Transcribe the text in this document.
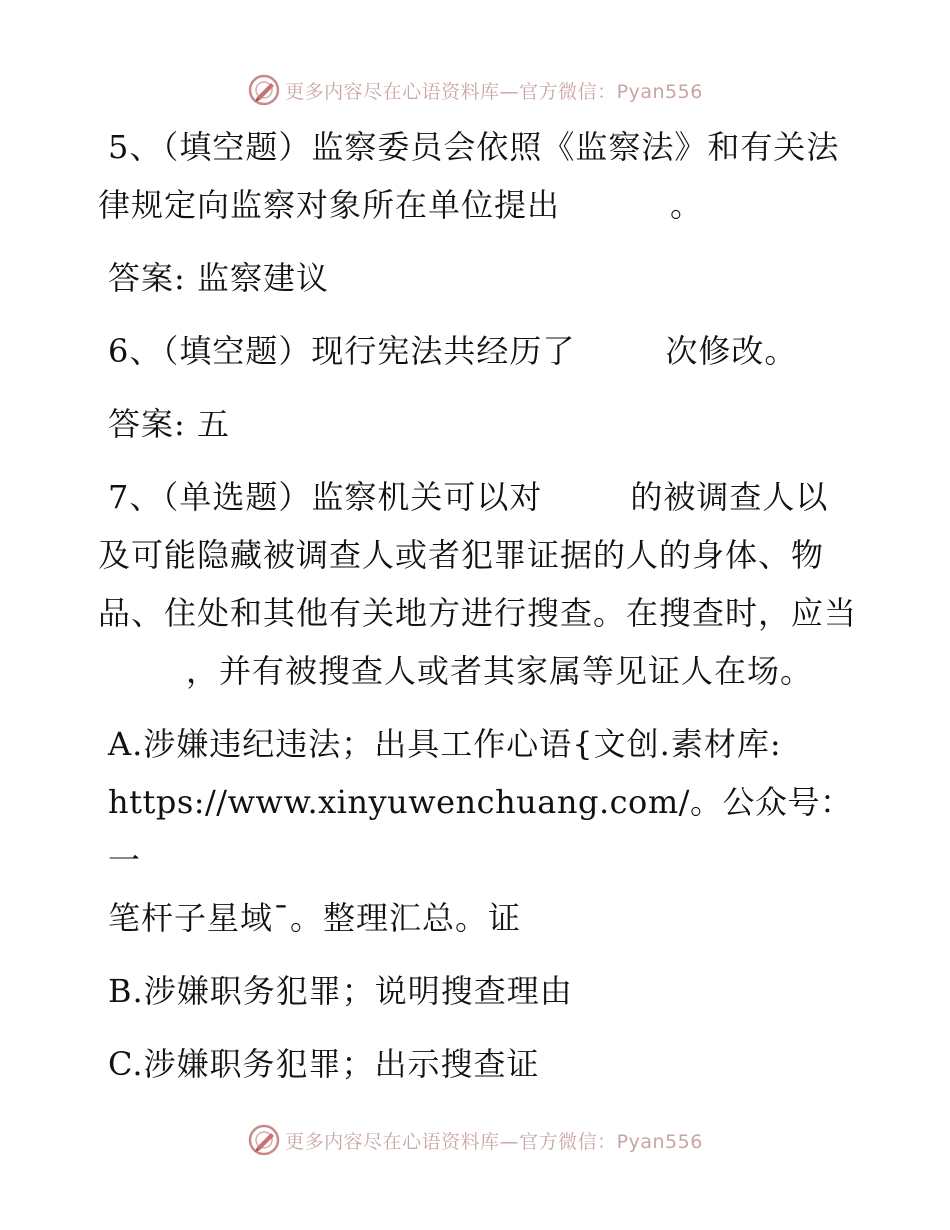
更多内容尽在心语资料库—官方微信：Pyan556

5、（填空题）监察委员会依照《监察法》和有关法律规定向监察对象所在单位提出	。

答案: 监察建议

6、（填空题）现行宪法共经历了	次修改。

答案: 五

7、（单选题）监察机关可以对	的被调查人以及可能隐藏被调查人或者犯罪证据的人的身体、物品、住处和其他有关地方进行搜查。在搜查时，应当，并有被搜查人或者其家属等见证人在场。

A.涉嫌违纪违法；出具工作心语{文创.素材库:
https://www.xinyuwenchuang.com/。公众号：一
笔杆子星域¯。整理汇总。证

B.涉嫌职务犯罪；说明搜查理由

C.涉嫌职务犯罪；出示搜查证

更多内容尽在心语资料库—官方微信：Pyan556
